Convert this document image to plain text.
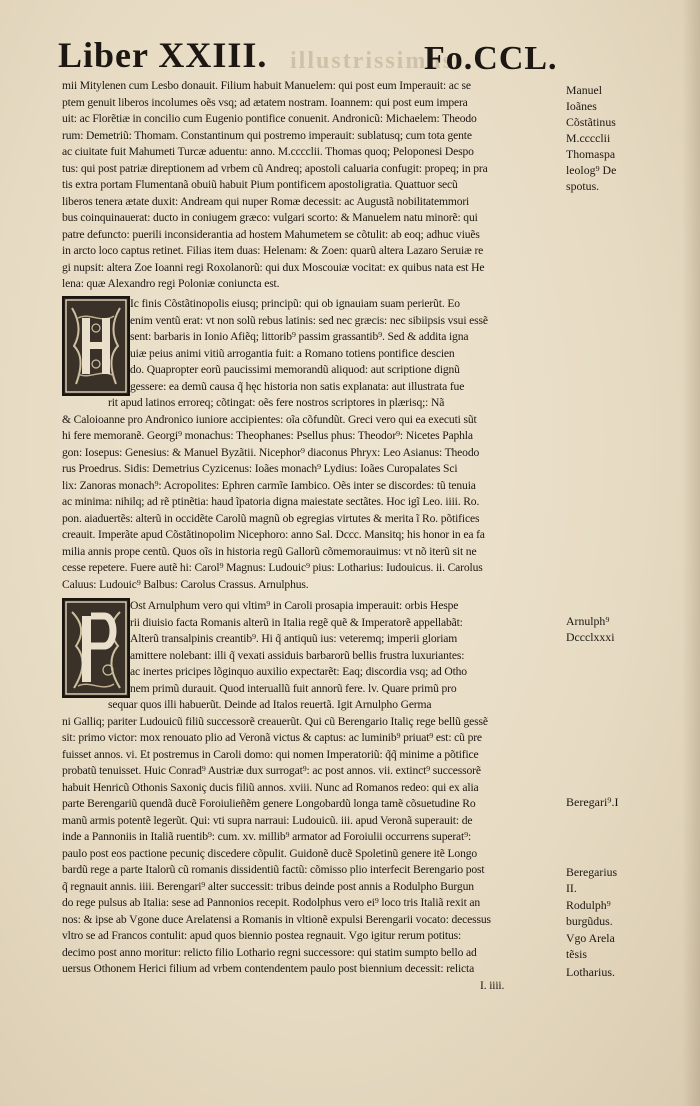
illustrissimus
Liber XXIII.	Fo.CCL.
mii Mitylenen cum Lesbo donauit. Filium habuit Manuelem: qui post eum Imperauit: ac se
ptem genuit liberos incolumes oẽs vsq; ad ætatem nostram. Ioannem: qui post eum impera
uit: ac Florẽtiæ in concilio cum Eugenio pontifice conuenit. Andronicũ: Michaelem: Theodo
rum: Demetriũ: Thomam. Constantinum qui postremo imperauit: sublatusq; cum tota gente
ac ciuitate fuit Mahumeti Turcæ aduentu: anno. M.cccclii. Thomas quoq; Peloponesi Despo
tus: qui post patriæ direptionem ad vrbem cũ Andreq; apostoli caluaria confugit: propeq; in pra
tis extra portam Flumentanã obuiũ habuit Pium pontificem apostoligratia. Quattuor secũ
liberos tenera ætate duxit: Andream qui nuper Romæ decessit: ac Augustã nobilitatemmori
bus coinquinauerat: ducto in coniugem græco: vulgari scorto: & Manuelem natu minorẽ: qui
patre defuncto: puerili inconsiderantia ad hostem Mahumetem se cõtulit: ab eoq; adhuc viuẽs
in arcto loco captus retinet. Filias item duas: Helenam: & Zoen: quarũ altera Lazaro Seruiæ re
gi nupsit: altera Zoe Ioanni regi Roxolanorũ: qui dux Moscouiæ vocitat: ex quibus nata est He
lena: quæ Alexandro regi Poloniæ coniuncta est.
Ic finis Cõstãtinopolis eiusq; principũ: qui ob ignauiam suam perierũt. Eo
enim ventũ erat: vt non solũ rebus latinis: sed nec græcis: nec sibiipsis vsui essẽ
sent: barbaris in Ionio Afiẽq; littorib⁹ passim grassantib⁹. Sed & addita igna
uiæ peius animi vitiũ arrogantia fuit: a Romano totiens pontifice descien
do. Quapropter eorũ paucissimi memorandũ aliquod: aut scriptione dignũ
gessere: ea demũ causa q̃ hęc historia non satis explanata: aut illustrata fue
rit apud latinos erroreq; cõtingat: oẽs fere nostros scriptores in plærisq;: Nã
& Caloioanne pro Andronico iuniore accipientes: oĩa cõfundũt. Greci vero qui ea executi sũt
hi fere memoranẽ. Georgi⁹ monachus: Theophanes: Psellus phus: Theodor⁹: Nicetes Paphla
gon: Iosepus: Genesius: & Manuel Byzãtii. Nicephor⁹ diaconus Phryx: Leo Asianus: Theodo
rus Proedrus. Sidis: Demetrius Cyzicenus: Ioães monach⁹ Lydius: Ioães Curopalates Sci
lix: Zanoras monach⁹: Acropolites: Ephren carmĩe Iambico. Oẽs inter se discordes: tũ tenuia
ac minima: nihilq; ad rẽ ptinẽtia: haud ĩpatoria digna maiestate sectãtes. Hoc igĩ Leo. iiii. Ro.
pon. aiaduertẽs: alterũ in occidẽte Carolũ magnũ ob egregias virtutes & merita ĩ Ro. põtifices
creauit. Imperãte apud Cõstãtinopolim Nicephoro: anno Sal. Dccc. Mansitq; his honor in ea fa
milia annis prope centũ. Quos oĩs in historia regũ Gallorũ cõmemorauimus: vt nõ iterũ sit ne
cesse repetere. Fuere autẽ hi: Carol⁹ Magnus: Ludouic⁹ pius: Lotharius: Iudouicus. ii. Carolus
Caluus: Ludouic⁹ Balbus: Carolus Crassus. Arnulphus.
Ost Arnulphum vero qui vltim⁹ in Caroli prosapia imperauit: orbis Hespe
rii diuisio facta Romanis alterũ in Italia regẽ quẽ & Imperatorẽ appellabãt:
Alterũ transalpinis creantib⁹. Hi q̃ antiquũ ius: veteremq; imperii gloriam
amittere nolebant: illi q̃ vexati assiduis barbarorũ bellis frustra luxuriantes:
ac inertes pricipes lõginquo auxilio expectarẽt: Eaq; discordia vsq; ad Otho
nem primũ durauit. Quod interuallũ fuit annorũ fere. lv. Quare primũ pro
sequar quos illi habuerũt. Deinde ad Italos reuertã. Igit Arnulpho Germa
ni Galliq; pariter Ludouicũ filiũ successorẽ creauerũt. Qui cũ Berengario Italiç rege bellũ gessẽ
sit: primo victor: mox renouato plio ad Veronã victus & captus: ac luminib⁹ priuat⁹ est: cũ pre
fuisset annos. vi. Et postremus in Caroli domo: qui nomen Imperatoriũ: q̃q̃ minime a põtifice
probatũ tenuisset. Huic Conrad⁹ Austriæ dux surrogat⁹: ac post annos. vii. extinct⁹ successorẽ
habuit Henricũ Othonis Saxoniç ducis filiũ annos. xviii. Nunc ad Romanos redeo: qui ex alia
parte Berengariũ quendã ducẽ Foroiulieñẽm genere Longobardũ longa tamẽ cõsuetudine Ro
manũ armis potentẽ legerũt. Qui: vti supra narraui: Ludouicũ. iii. apud Veronã superauit: de
inde a Pannoniis in Italiã ruentib⁹: cum. xv. millib⁹ armator ad Foroiulii occurrens superat⁹:
paulo post eos pactione pecuniç discedere cõpulit. Guidonẽ ducẽ Spoletinũ genere itẽ Longo
bardũ rege a parte Italorũ cũ romanis dissidentiũ factũ: cõmisso plio interfecit Berengario post
q̃ regnauit annis. iiii. Berengari⁹ alter successit: tribus deinde post annis a Rodulpho Burgun
do rege pulsus ab Italia: sese ad Pannonios recepit. Rodolphus vero ei⁹ loco tris Italiã rexit an
nos: & ipse ab Vgone duce Arelatensi a Romanis in vltionẽ expulsi Berengarii vocato: decessus
vltro se ad Francos contulit: apud quos biennio postea regnauit. Vgo igitur rerum potitus:
decimo post anno moritur: relicto filio Lothario regni successore: qui statim sumpto bello ad
uersus Othonem Herici filium ad vrbem contendentem paulo post biennium decessit: relicta
I. iiii.
Manuel
Ioãnes
Cõstãtinus
M.cccclii
Thomaspa
leolog⁹ De
spotus.
Arnulph⁹
Dccclxxxi
Beregari⁹.I
Beregarius
II.
Rodulph⁹
burgũdus.
Vgo Arela
tẽsis
Lotharius.
